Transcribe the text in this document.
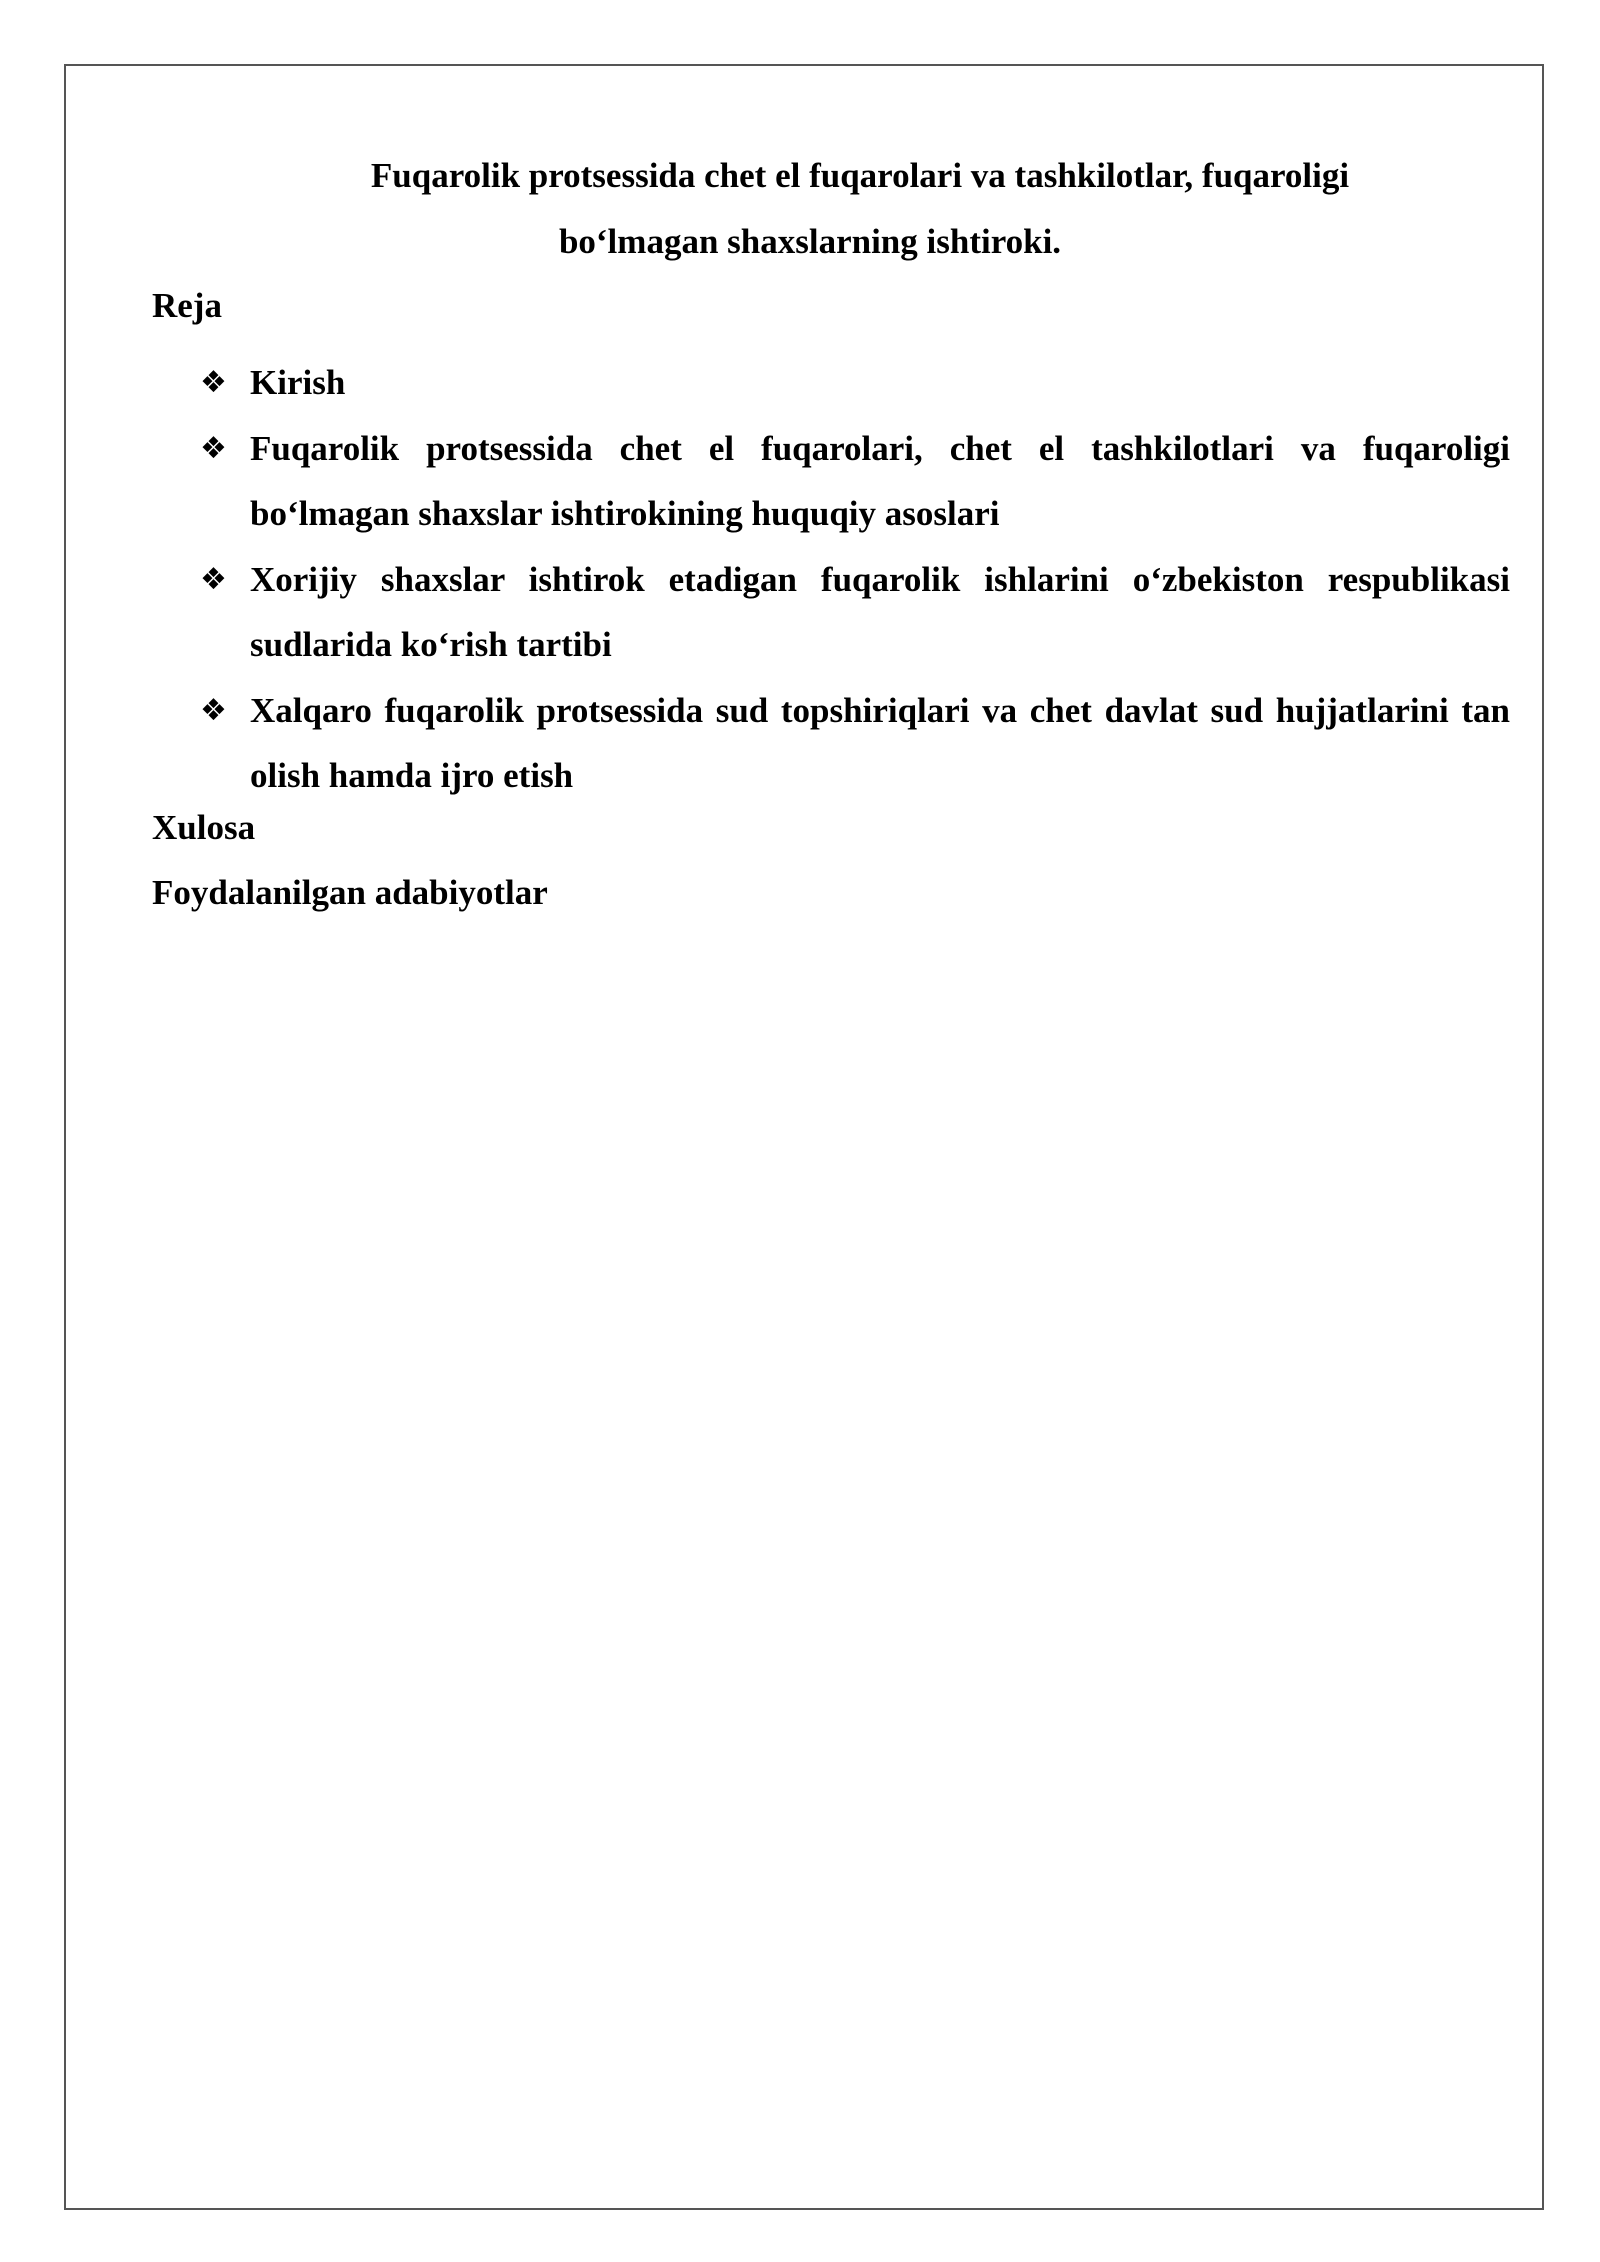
Fuqarolik protsessida chet el fuqarolari va tashkilotlar, fuqaroligi
bo‘lmagan shaxslarning ishtiroki.
Reja
❖ Kirish
❖ Fuqarolik protsessida chet el fuqarolari, chet el tashkilotlari va fuqaroligi bo‘lmagan shaxslar ishtirokining huquqiy asoslari
❖ Xorijiy shaxslar ishtirok etadigan fuqarolik ishlarini o‘zbekiston respublikasi sudlarida ko‘rish tartibi
❖ Xalqaro fuqarolik protsessida sud topshiriqlari va chet davlat sud hujjatlarini tan olish hamda ijro etish
Xulosa
Foydalanilgan adabiyotlar
